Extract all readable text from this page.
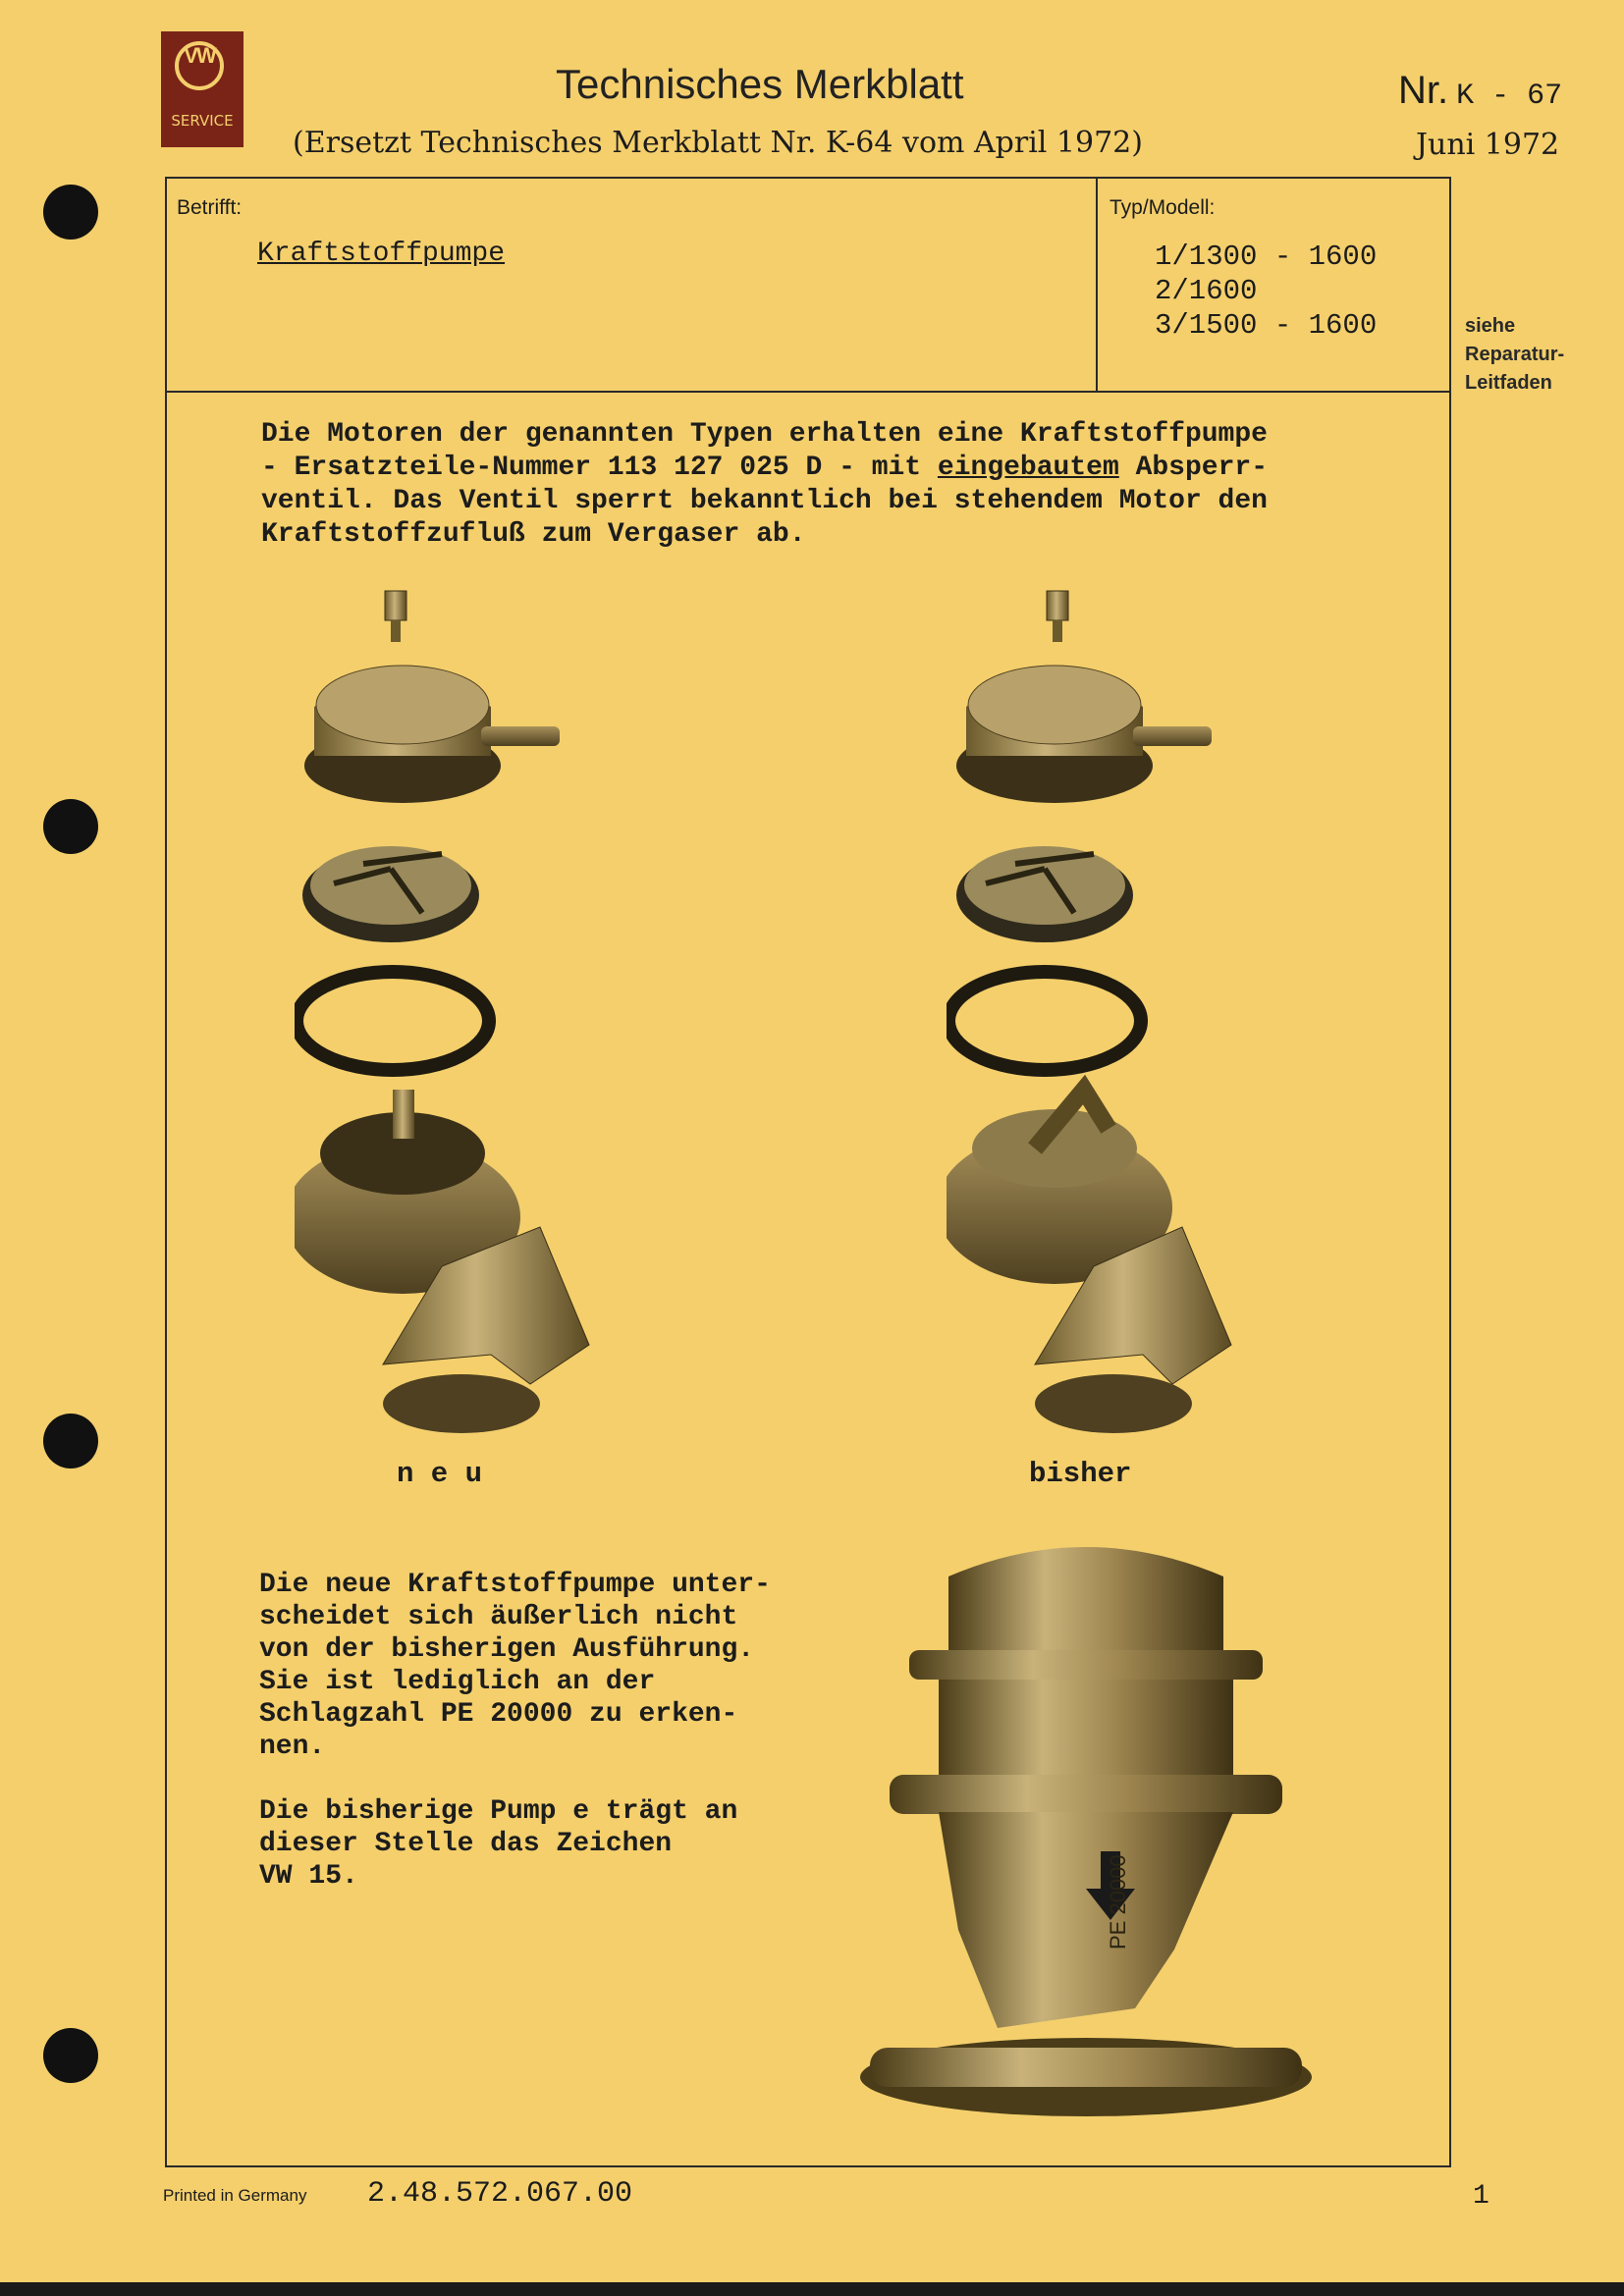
VW
SERVICE
Technisches Merkblatt
(Ersetzt Technisches Merkblatt Nr. K-64 vom April 1972)
Nr. K - 67
Juni 1972
Betrifft:
Kraftstoffpumpe
Typ/Modell:
1/1300 - 1600
2/1600
3/1500 - 1600	siehe
Reparatur-
Leitfaden
Die Motoren der genannten Typen erhalten eine Kraftstoffpumpe
- Ersatzteile-Nummer 113 127 025 D - mit eingebautem Absperr-
ventil. Das Ventil sperrt bekanntlich bei stehendem Motor den
Kraftstoffzufluß zum Vergaser ab.
n e u	bisher
Die neue Kraftstoffpumpe unter-
scheidet sich äußerlich nicht
von der bisherigen Ausführung.
Sie ist lediglich an der
Schlagzahl PE 20000 zu erken-
nen.

Die bisherige Pump e trägt an
dieser Stelle das Zeichen
VW 15.	PE 20000
Printed in Germany 2.48.572.067.00	1
